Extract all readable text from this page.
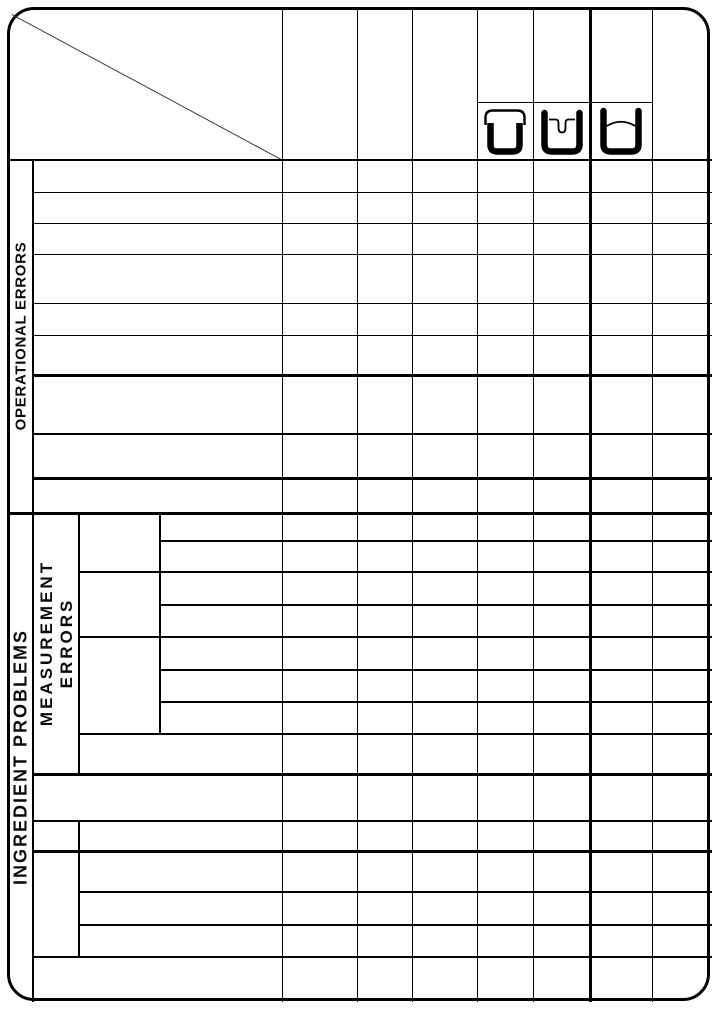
OPERATIONAL ERRORS
INGREDIENT PROBLEMS MEASUREMENT ERRORS
